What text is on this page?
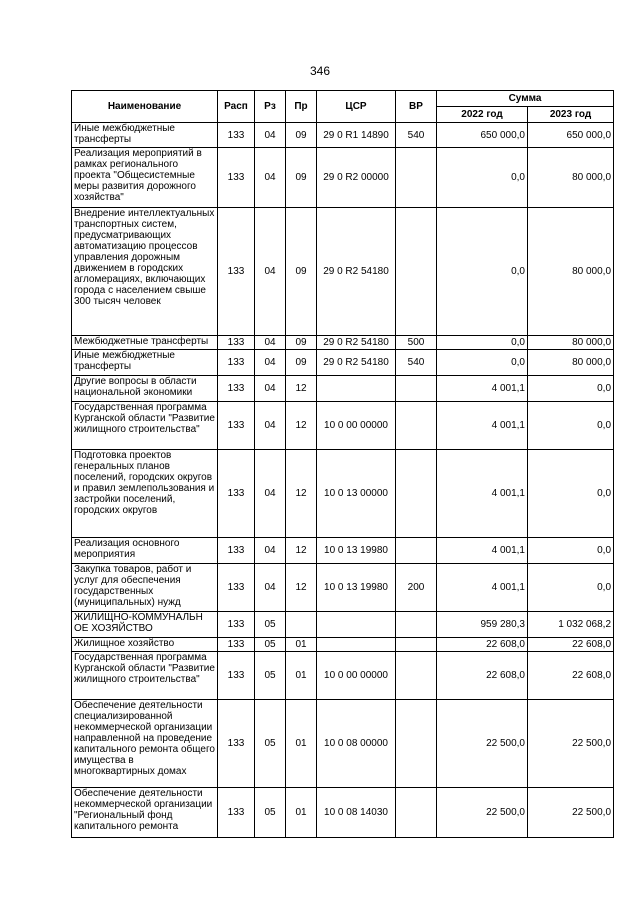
346
Наименование	Расп	Рз	Пр	ЦСР	ВР	Сумма	
						2022 год	2023 год
Иные межбюджетные трансферты	133	04	09	29 0 R1 14890	540	650 000,0	650 000,0
Реализация мероприятий в рамках регионального проекта "Общесистемные меры развития дорожного хозяйства"	133	04	09	29 0 R2 00000		0,0	80 000,0
Внедрение интеллектуальных транспортных систем, предусматривающих автоматизацию процессов управления дорожным движением в городских агломерациях, включающих города с населением свыше 300 тысяч человек	133	04	09	29 0 R2 54180		0,0	80 000,0
Межбюджетные трансферты	133	04	09	29 0 R2 54180	500	0,0	80 000,0
Иные межбюджетные трансферты	133	04	09	29 0 R2 54180	540	0,0	80 000,0
Другие вопросы в области национальной экономики	133	04	12			4 001,1	0,0
Государственная программа Курганской области "Развитие жилищного строительства"	133	04	12	10 0 00 00000		4 001,1	0,0
Подготовка проектов генеральных планов поселений, городских округов и правил землепользования и застройки поселений, городских округов	133	04	12	10 0 13 00000		4 001,1	0,0
Реализация основного мероприятия	133	04	12	10 0 13 19980		4 001,1	0,0
Закупка товаров, работ и услуг для обеспечения государственных (муниципальных) нужд	133	04	12	10 0 13 19980	200	4 001,1	0,0
ЖИЛИЩНО-КОММУНАЛЬН ОЕ ХОЗЯЙСТВО	133	05				959 280,3	1 032 068,2
Жилищное хозяйство	133	05	01			22 608,0	22 608,0
Государственная программа Курганской области "Развитие жилищного строительства"	133	05	01	10 0 00 00000		22 608,0	22 608,0
Обеспечение деятельности специализированной некоммерческой организации направленной на проведение капитального ремонта общего имущества в многоквартирных домах	133	05	01	10 0 08 00000		22 500,0	22 500,0
Обеспечение деятельности некоммерческой организации "Региональный фонд капитального ремонта	133	05	01	10 0 08 14030		22 500,0	22 500,0
